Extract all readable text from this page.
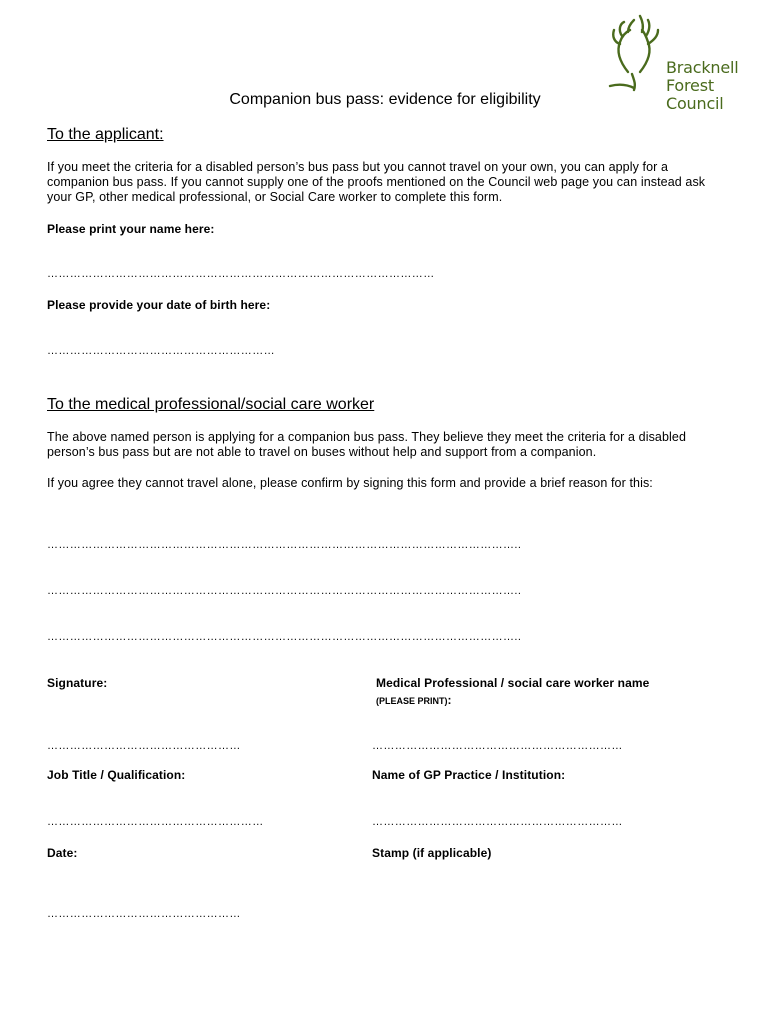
Bracknell
Forest
Council
Companion bus pass: evidence for eligibility
To the applicant:
If you meet the criteria for a disabled person’s bus pass but you cannot travel on your own, you can apply for a companion bus pass. If you cannot supply one of the proofs mentioned on the Council web page you can instead ask your GP, other medical professional, or Social Care worker to complete this form.
Please print your name here:
…………………………………………………………………………………………
Please provide your date of birth here:
……………………………………………………
To the medical professional/social care worker
The above named person is applying for a companion bus pass. They believe they meet the criteria for a disabled person’s bus pass but are not able to travel on buses without help and support from a companion.
If you agree they cannot travel alone, please confirm by signing this form and provide a brief reason for this:
……………………………………………………………………………………………………………..
……………………………………………………………………………………………………………..
……………………………………………………………………………………………………………..
Signature:	Medical Professional / social care worker name
(PLEASE PRINT):
……………………………………………	…………………………………………………………
Job Title / Qualification:	Name of GP Practice / Institution:
…………………………………………………	…………………………………………………………
Date:	Stamp (if applicable)
……………………………………………
